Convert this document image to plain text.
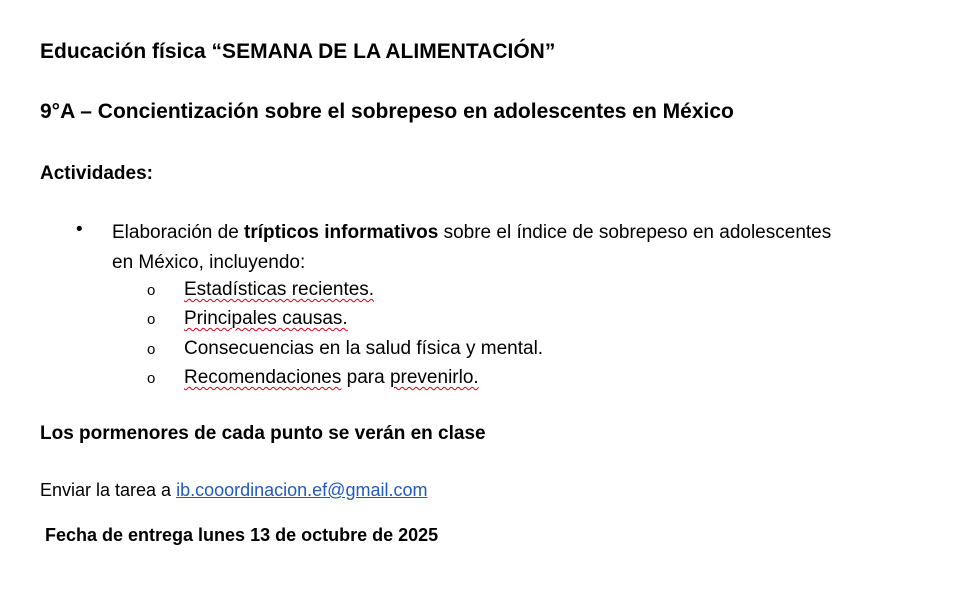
Educación física “SEMANA DE LA ALIMENTACIÓN”
9°A – Concientización sobre el sobrepeso en adolescentes en México
Actividades:
• Elaboración de trípticos informativos sobre el índice de sobrepeso en adolescentes en México, incluyendo:
o Estadísticas recientes.
o Principales causas.
o Consecuencias en la salud física y mental.
o Recomendaciones para prevenirlo.
Los pormenores de cada punto se verán en clase
Enviar la tarea a ib.cooordinacion.ef@gmail.com
Fecha de entrega lunes 13 de octubre de 2025
